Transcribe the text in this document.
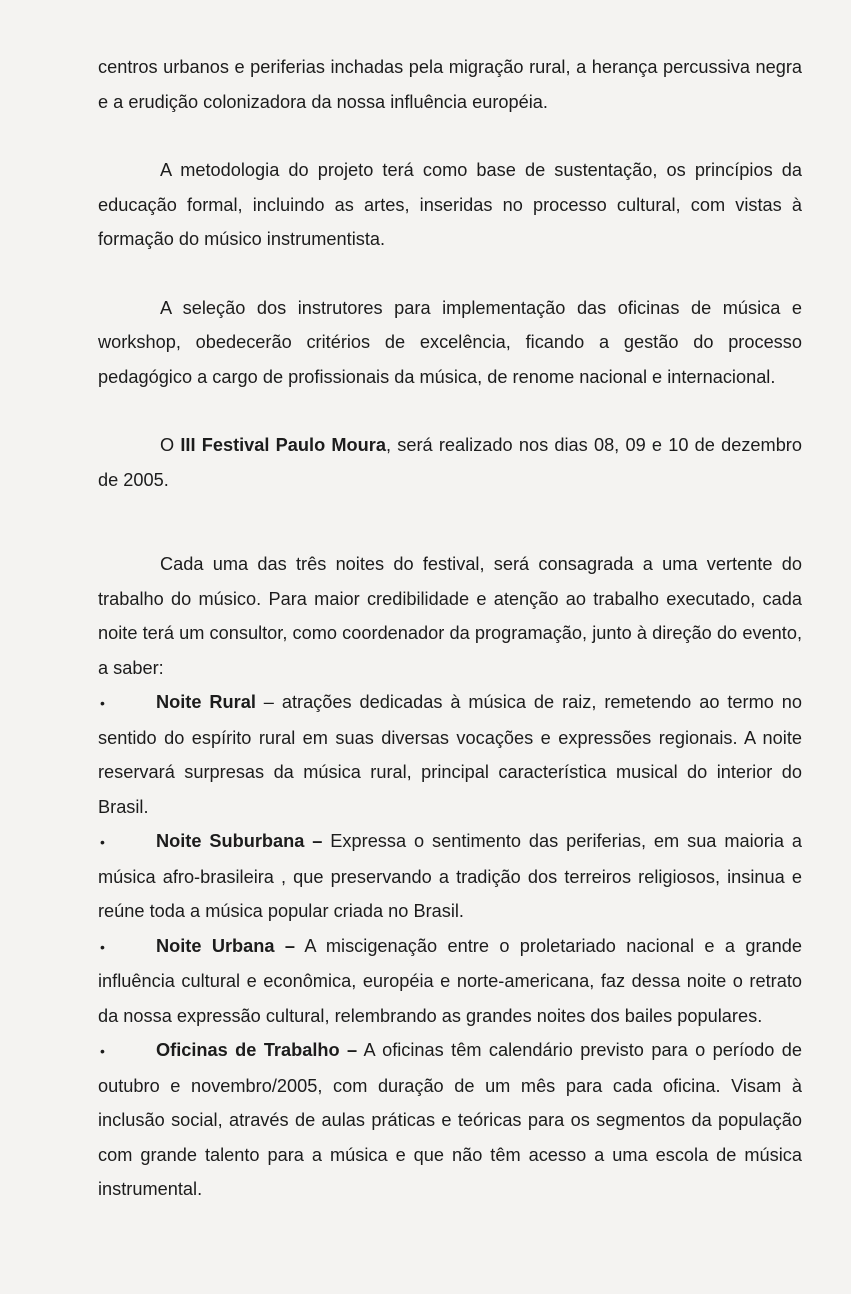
centros urbanos e periferias inchadas pela migração rural, a herança percussiva negra e a erudição colonizadora da nossa influência européia.

A metodologia do projeto terá como base de sustentação, os princípios da educação formal, incluindo as artes, inseridas no processo cultural, com vistas à formação do músico instrumentista.

A seleção dos instrutores para implementação das oficinas de música e workshop, obedecerão critérios de excelência, ficando a gestão do processo pedagógico a cargo de profissionais da música, de renome nacional e internacional.

O III Festival Paulo Moura, será realizado nos dias 08, 09 e 10 de dezembro de 2005.

Cada uma das três noites do festival, será consagrada a uma vertente do trabalho do músico. Para maior credibilidade e atenção ao trabalho executado, cada noite terá um consultor, como coordenador da programação, junto à direção do evento, a saber:

•Noite Rural – atrações dedicadas à música de raiz, remetendo ao termo no sentido do espírito rural em suas diversas vocações e expressões regionais. A noite reservará surpresas da música rural, principal característica musical do interior do Brasil.

•Noite Suburbana – Expressa o sentimento das periferias, em sua maioria a música afro-brasileira , que preservando a tradição dos terreiros religiosos, insinua e reúne toda a música popular criada no Brasil.

•Noite Urbana – A miscigenação entre o proletariado nacional e a grande influência cultural e econômica, européia e norte-americana, faz dessa noite o retrato da nossa expressão cultural, relembrando as grandes noites dos bailes populares.

•Oficinas de Trabalho – A oficinas têm calendário previsto para o período de outubro e novembro/2005, com duração de um mês para cada oficina. Visam à inclusão social, através de aulas práticas e teóricas para os segmentos da população com grande talento para a música e que não têm acesso a uma escola de música instrumental.
